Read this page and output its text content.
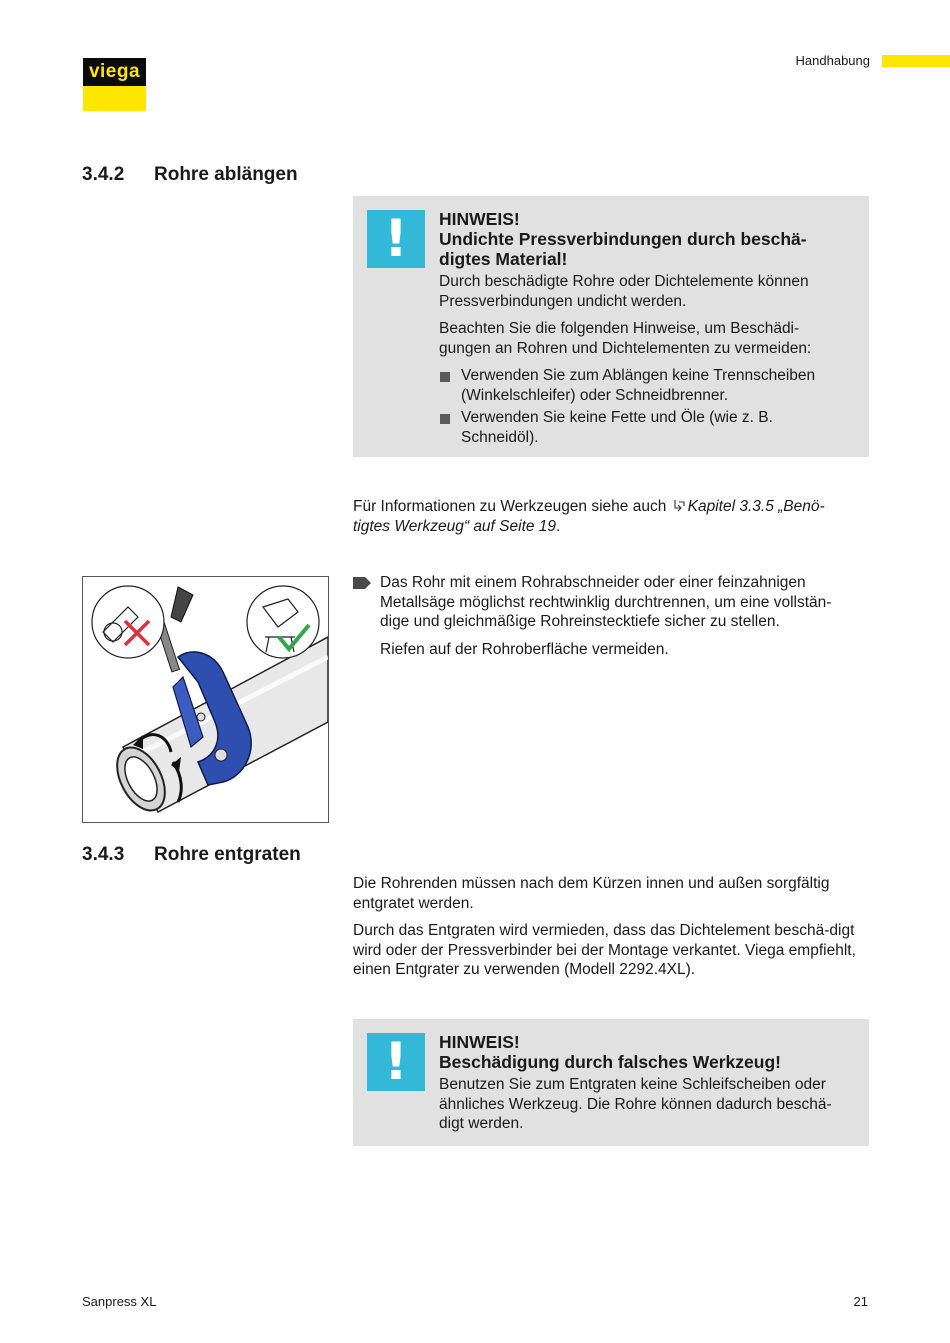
viega
Handhabung
3.4.2 Rohre ablängen
! HINWEIS!
Undichte Pressverbindungen durch beschä-digtes Material!

Durch beschädigte Rohre oder Dichtelemente können Pressverbindungen undicht werden.

Beachten Sie die folgenden Hinweise, um Beschädi-gungen an Rohren und Dichtelementen zu vermeiden:

Verwenden Sie zum Ablängen keine Trennscheiben (Winkelschleifer) oder Schneidbrenner.
Verwenden Sie keine Fette und Öle (wie z. B. Schneidöl).
Für Informationen zu Werkzeugen siehe auch Kapitel 3.3.5 „Benö-tigtes Werkzeug“ auf Seite 19.

Das Rohr mit einem Rohrabschneider oder einer feinzahnigen Metallsäge möglichst rechtwinklig durchtrennen, um eine vollstän-dige und gleichmäßige Rohreinstecktiefe sicher zu stellen.

Riefen auf der Rohroberfläche vermeiden.

3.4.3 Rohre entgraten

Die Rohrenden müssen nach dem Kürzen innen und außen sorgfältig entgratet werden.

Durch das Entgraten wird vermieden, dass das Dichtelement beschä-digt wird oder der Pressverbinder bei der Montage verkantet. Viega empfiehlt, einen Entgrater zu verwenden (Modell 2292.4XL).

! HINWEIS!
Beschädigung durch falsches Werkzeug!

Benutzen Sie zum Entgraten keine Schleifscheiben oder ähnliches Werkzeug. Die Rohre können dadurch beschä-digt werden.

Sanpress XL	21
